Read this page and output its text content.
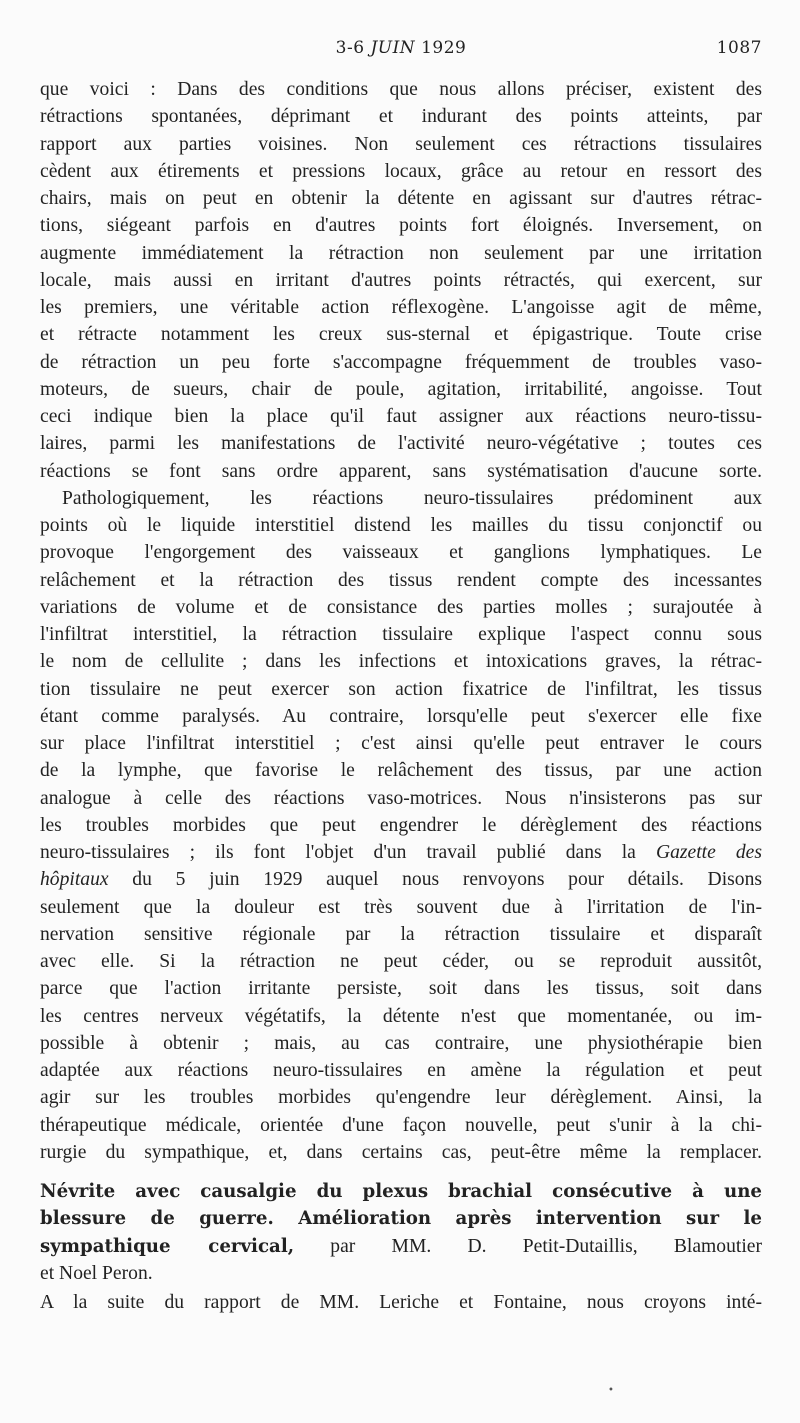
3-6 JUIN 1929	1087
que voici : Dans des conditions que nous allons préciser, existent des
rétractions spontanées, déprimant et indurant des points atteints, par
rapport aux parties voisines. Non seulement ces rétractions tissulaires
cèdent aux étirements et pressions locaux, grâce au retour en ressort des
chairs, mais on peut en obtenir la détente en agissant sur d'autres rétrac-
tions, siégeant parfois en d'autres points fort éloignés. Inversement, on
augmente immédiatement la rétraction non seulement par une irritation
locale, mais aussi en irritant d'autres points rétractés, qui exercent, sur
les premiers, une véritable action réflexogène. L'angoisse agit de même,
et rétracte notamment les creux sus-sternal et épigastrique. Toute crise
de rétraction un peu forte s'accompagne fréquemment de troubles vaso-
moteurs, de sueurs, chair de poule, agitation, irritabilité, angoisse. Tout
ceci indique bien la place qu'il faut assigner aux réactions neuro-tissu-
laires, parmi les manifestations de l'activité neuro-végétative ; toutes ces
réactions se font sans ordre apparent, sans systématisation d'aucune sorte.
Pathologiquement, les réactions neuro-tissulaires prédominent aux
points où le liquide interstitiel distend les mailles du tissu conjonctif ou
provoque l'engorgement des vaisseaux et ganglions lymphatiques. Le
relâchement et la rétraction des tissus rendent compte des incessantes
variations de volume et de consistance des parties molles ; surajoutée à
l'infiltrat interstitiel, la rétraction tissulaire explique l'aspect connu sous
le nom de cellulite ; dans les infections et intoxications graves, la rétrac-
tion tissulaire ne peut exercer son action fixatrice de l'infiltrat, les tissus
étant comme paralysés. Au contraire, lorsqu'elle peut s'exercer elle fixe
sur place l'infiltrat interstitiel ; c'est ainsi qu'elle peut entraver le cours
de la lymphe, que favorise le relâchement des tissus, par une action
analogue à celle des réactions vaso-motrices. Nous n'insisterons pas sur
les troubles morbides que peut engendrer le dérèglement des réactions
neuro-tissulaires ; ils font l'objet d'un travail publié dans la Gazette des
hôpitaux du 5 juin 1929 auquel nous renvoyons pour détails. Disons
seulement que la douleur est très souvent due à l'irritation de l'in-
nervation sensitive régionale par la rétraction tissulaire et disparaît
avec elle. Si la rétraction ne peut céder, ou se reproduit aussitôt,
parce que l'action irritante persiste, soit dans les tissus, soit dans
les centres nerveux végétatifs, la détente n'est que momentanée, ou im-
possible à obtenir ; mais, au cas contraire, une physiothérapie bien
adaptée aux réactions neuro-tissulaires en amène la régulation et peut
agir sur les troubles morbides qu'engendre leur dérèglement. Ainsi, la
thérapeutique médicale, orientée d'une façon nouvelle, peut s'unir à la chi-
rurgie du sympathique, et, dans certains cas, peut-être même la remplacer.
Névrite avec causalgie du plexus brachial consécutive à une
blessure de guerre. Amélioration après intervention sur le
sympathique cervical, par MM. D. Petit-Dutaillis, Blamoutier
et Noel Peron.
A la suite du rapport de MM. Leriche et Fontaine, nous croyons inté-
•
